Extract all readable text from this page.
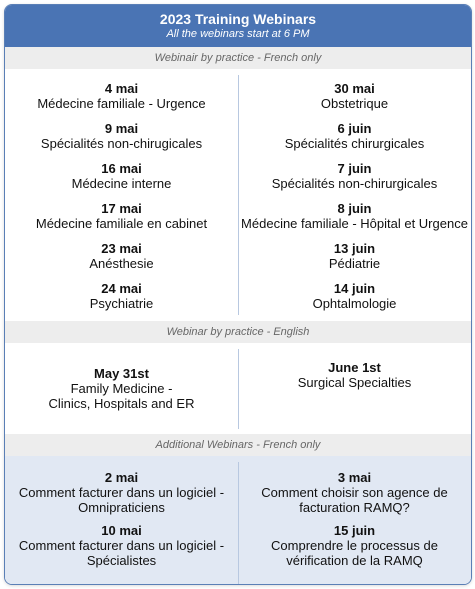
2023 Training Webinars
All the webinars start at 6 PM
Webinair by practice - French only
4 mai
Médecine familiale - Urgence
9 mai
Spécialités non-chirugicales
16 mai
Médecine interne
17 mai
Médecine familiale en cabinet
23 mai
Anésthesie
24 mai
Psychiatrie
30 mai
Obstetrique
6 juin
Spécialités chirurgicales
7 juin
Spécialités non-chirurgicales
8 juin
Médecine familiale - Hôpital et Urgence
13 juin
Pédiatrie
14 juin
Ophtalmologie
Webinar by practice - English
May 31st
Family Medicine -
Clinics, Hospitals and ER
June 1st
Surgical Specialties
Additional Webinars - French only
2 mai
Comment facturer dans un logiciel -
Omnipraticiens
10 mai
Comment facturer dans un logiciel -
Spécialistes
3 mai
Comment choisir son agence de
facturation RAMQ?
15 juin
Comprendre le processus de
vérification de la RAMQ
